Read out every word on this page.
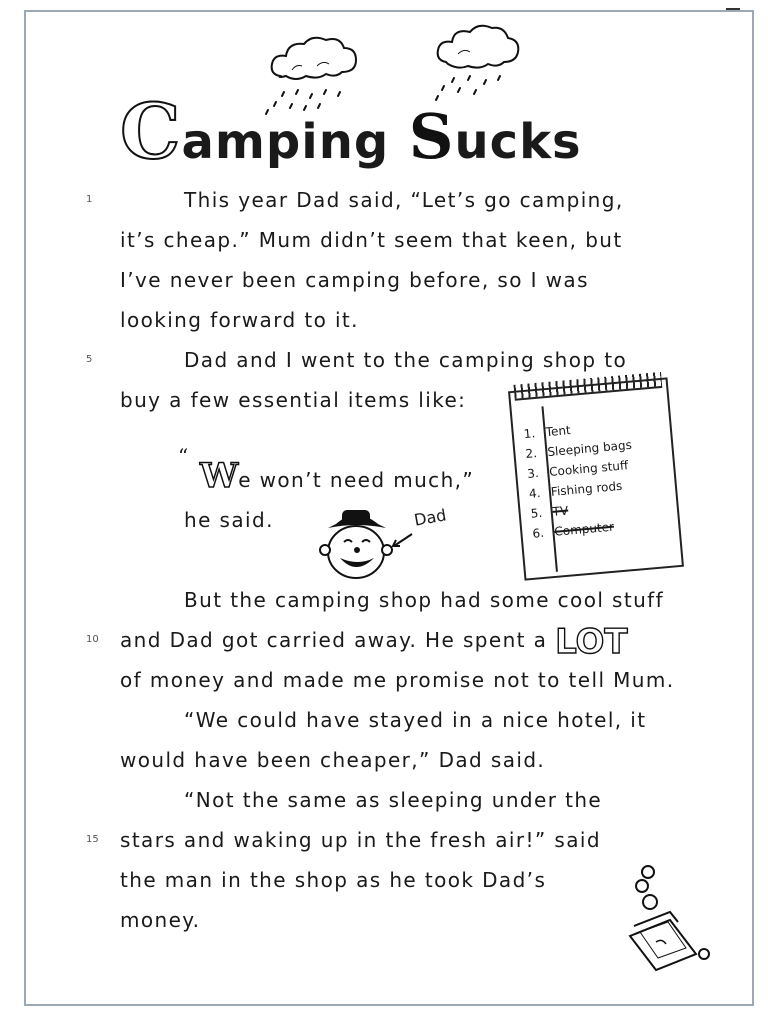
Camping Sucks
1
5
10
15
This year Dad said, “Let’s go camping,
it’s cheap.” Mum didn’t seem that keen, but
I’ve never been camping before, so I was
looking forward to it.
Dad and I went to the camping shop to
buy a few essential items like:
“ We won’t need much,”
he said.	Dad
1. Tent
2. Sleeping bags
3. Cooking stuff
4. Fishing rods
5. TV
6. Computer
But the camping shop had some cool stuff
and Dad got carried away. He spent a LOT
of money and made me promise not to tell Mum.
“We could have stayed in a nice hotel, it
would have been cheaper,” Dad said.
“Not the same as sleeping under the
stars and waking up in the fresh air!” said
the man in the shop as he took Dad’s
money.
